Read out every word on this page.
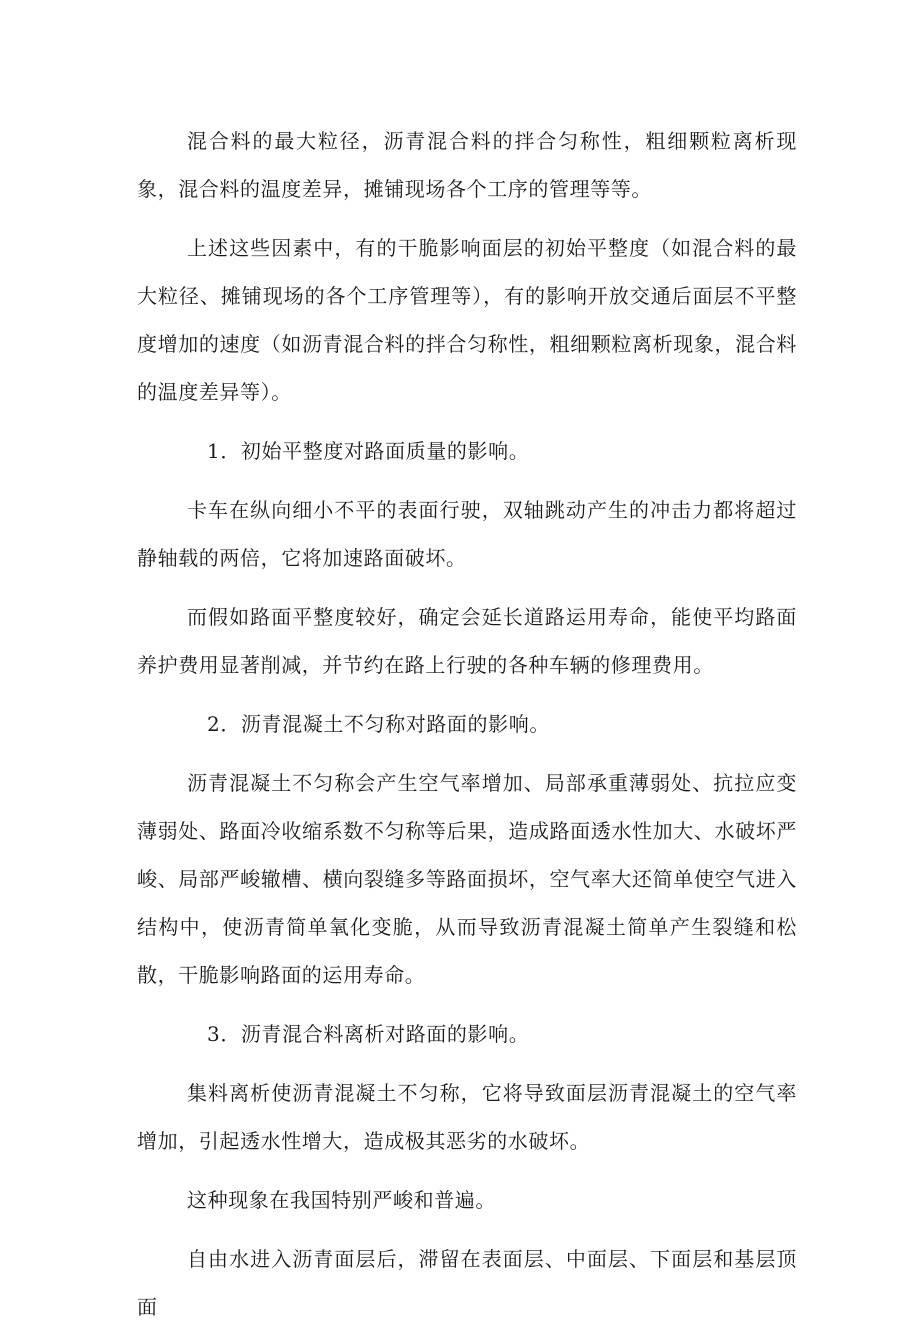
混合料的最大粒径，沥青混合料的拌合匀称性，粗细颗粒离析现象，混合料的温度差异，摊铺现场各个工序的管理等等。

上述这些因素中，有的干脆影响面层的初始平整度（如混合料的最大粒径、摊铺现场的各个工序管理等），有的影响开放交通后面层不平整度增加的速度（如沥青混合料的拌合匀称性，粗细颗粒离析现象，混合料的温度差异等）。

1．初始平整度对路面质量的影响。

卡车在纵向细小不平的表面行驶，双轴跳动产生的冲击力都将超过静轴载的两倍，它将加速路面破坏。

而假如路面平整度较好，确定会延长道路运用寿命，能使平均路面养护费用显著削减，并节约在路上行驶的各种车辆的修理费用。

2．沥青混凝土不匀称对路面的影响。

沥青混凝土不匀称会产生空气率增加、局部承重薄弱处、抗拉应变薄弱处、路面冷收缩系数不匀称等后果，造成路面透水性加大、水破坏严峻、局部严峻辙槽、横向裂缝多等路面损坏，空气率大还简单使空气进入结构中，使沥青简单氧化变脆，从而导致沥青混凝土简单产生裂缝和松散，干脆影响路面的运用寿命。

3．沥青混合料离析对路面的影响。

集料离析使沥青混凝土不匀称，它将导致面层沥青混凝土的空气率增加，引起透水性增大，造成极其恶劣的水破坏。

这种现象在我国特别严峻和普遍。

自由水进入沥青面层后，滞留在表面层、中面层、下面层和基层顶面
